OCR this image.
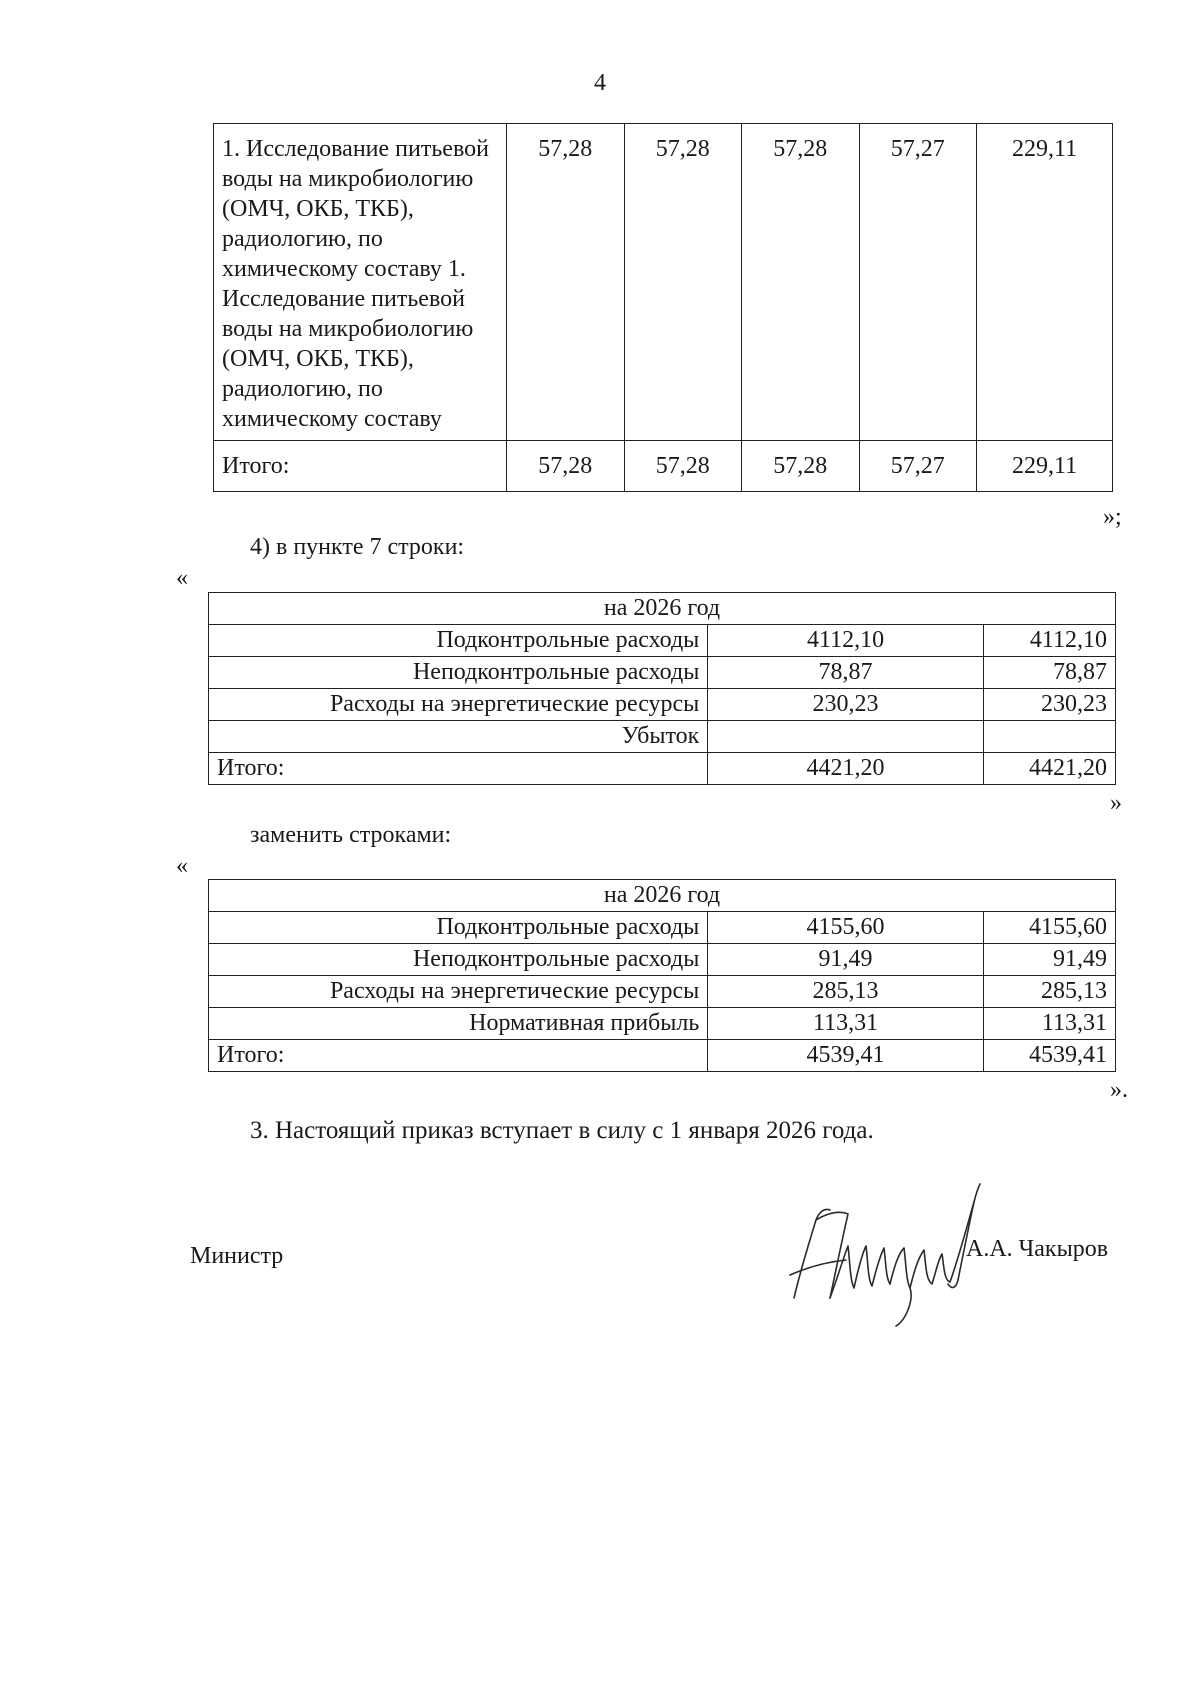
4
1. Исследование питьевой воды на микробиологию (ОМЧ, ОКБ, ТКБ), радиологию, по химическому составу 1. Исследование питьевой воды на микробиологию (ОМЧ, ОКБ, ТКБ), радиологию, по химическому составу	57,28	57,28	57,28	57,27	229,11
Итого:	57,28	57,28	57,28	57,27	229,11
»;
4) в пункте 7 строки:
«
на 2026 год		
Подконтрольные расходы	4112,10	4112,10
Неподконтрольные расходы	78,87	78,87
Расходы на энергетические ресурсы	230,23	230,23
Убыток		
Итого:	4421,20	4421,20
»
заменить строками:
«
на 2026 год		
Подконтрольные расходы	4155,60	4155,60
Неподконтрольные расходы	91,49	91,49
Расходы на энергетические ресурсы	285,13	285,13
Нормативная прибыль	113,31	113,31
Итого:	4539,41	4539,41
».
3. Настоящий приказ вступает в силу с 1 января 2026 года.
Министр	А.А. Чакыров
